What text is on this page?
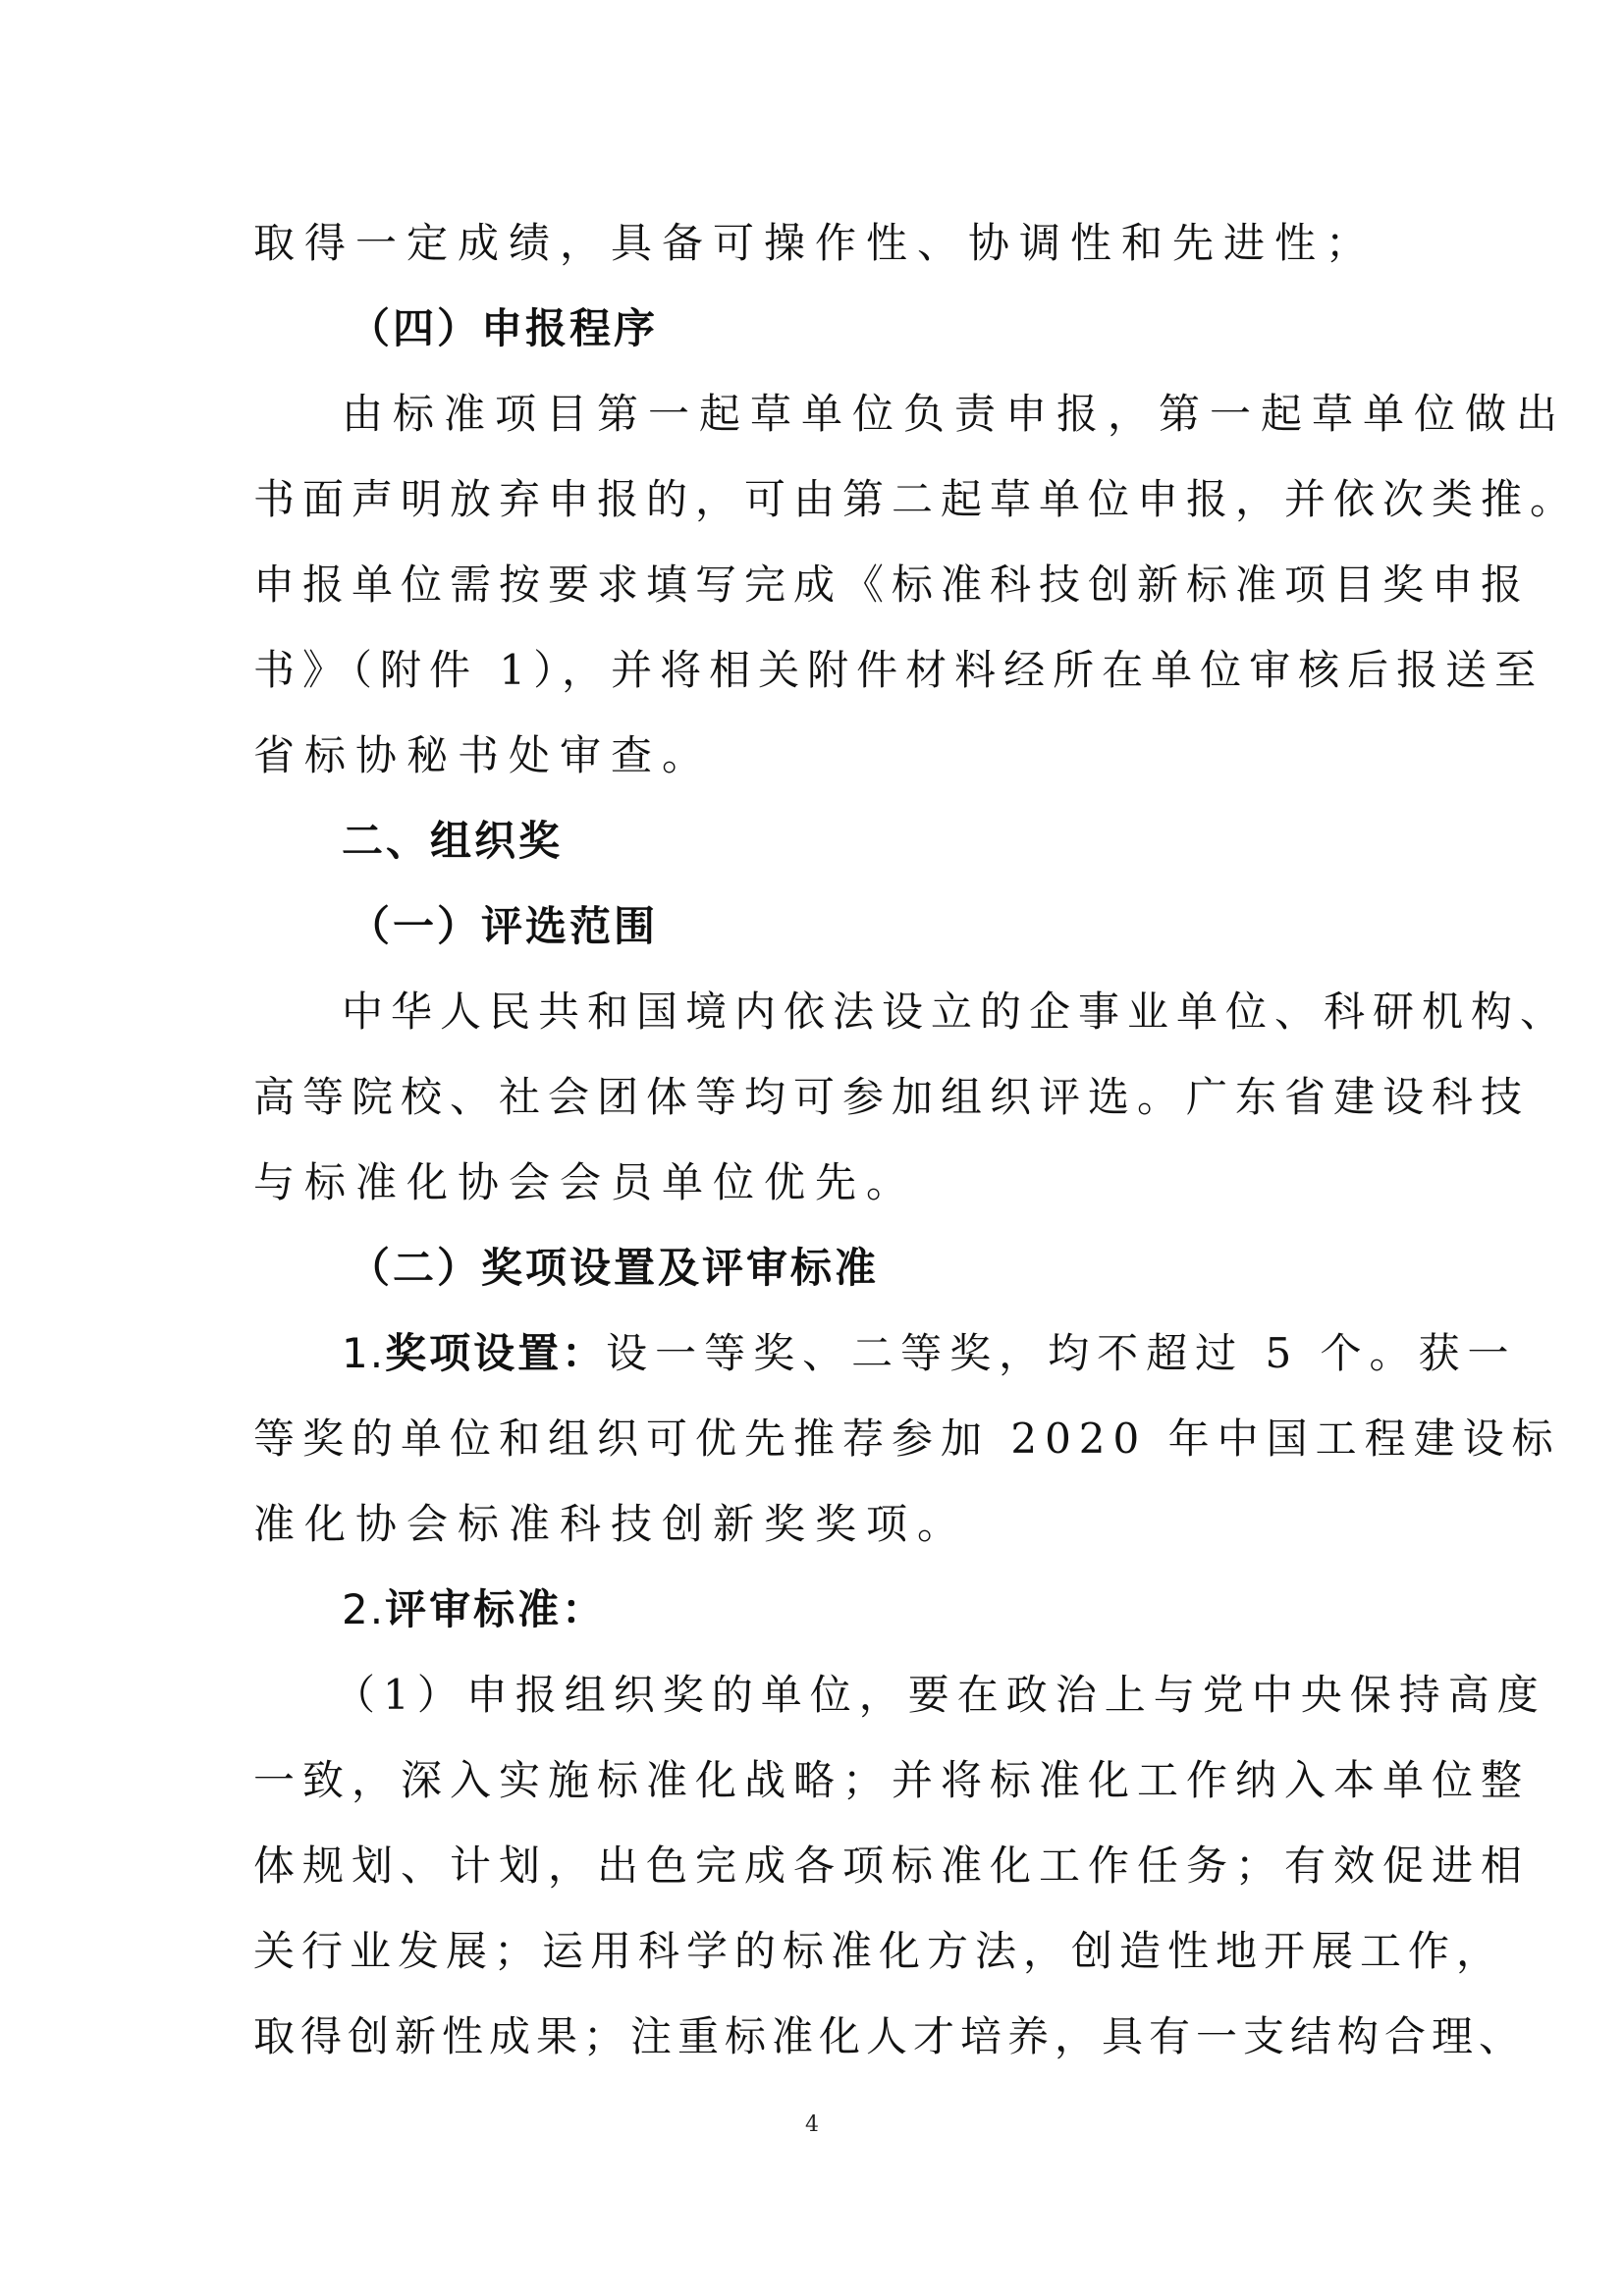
取得一定成绩，具备可操作性、协调性和先进性；

（四）申报程序

由标准项目第一起草单位负责申报，第一起草单位做出

书面声明放弃申报的，可由第二起草单位申报，并依次类推。

申报单位需按要求填写完成《标准科技创新标准项目奖申报

书》（附件 1），并将相关附件材料经所在单位审核后报送至

省标协秘书处审查。

二、组织奖

（一）评选范围

中华人民共和国境内依法设立的企事业单位、科研机构、

高等院校、社会团体等均可参加组织评选。广东省建设科技

与标准化协会会员单位优先。

（二）奖项设置及评审标准

1.奖项设置：设一等奖、二等奖，均不超过 5 个。获一

等奖的单位和组织可优先推荐参加 2020 年中国工程建设标

准化协会标准科技创新奖奖项。

2.评审标准：

（1）申报组织奖的单位，要在政治上与党中央保持高度

一致，深入实施标准化战略；并将标准化工作纳入本单位整

体规划、计划，出色完成各项标准化工作任务；有效促进相

关行业发展；运用科学的标准化方法，创造性地开展工作，

取得创新性成果；注重标准化人才培养，具有一支结构合理、

4
